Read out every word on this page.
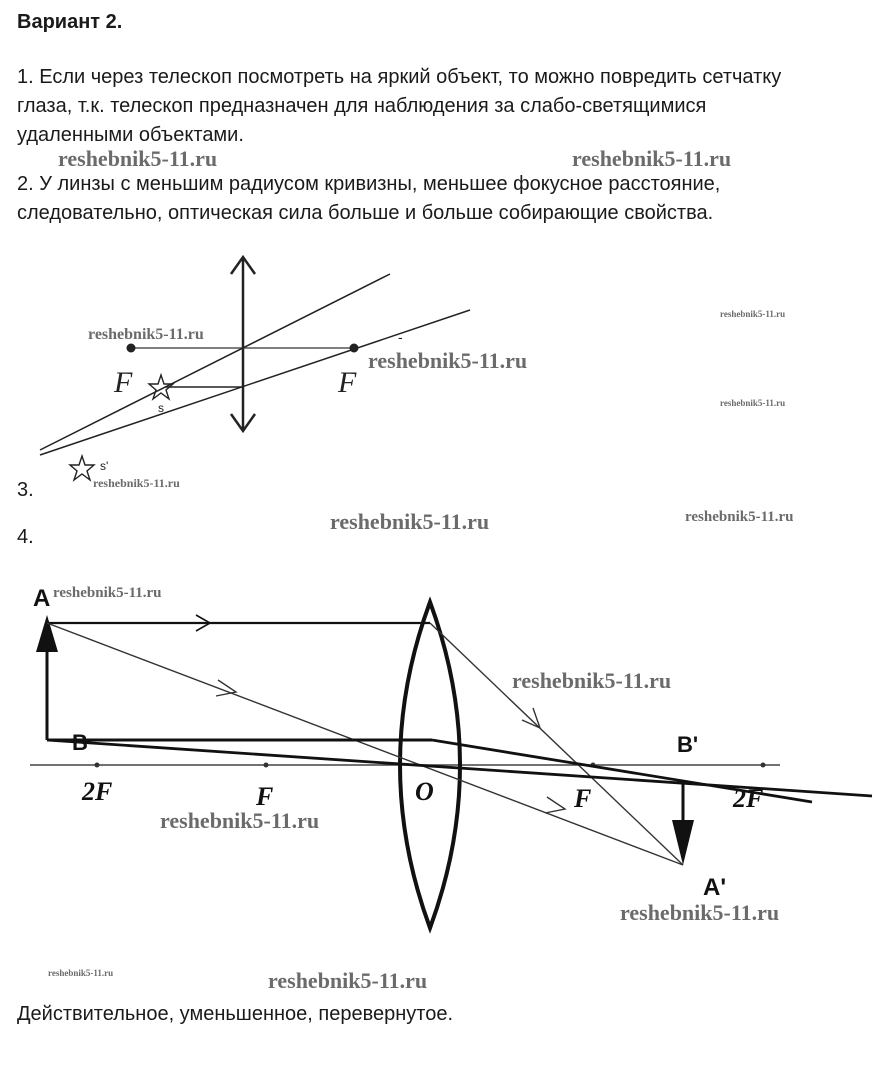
Вариант 2.
1. Если через телескоп посмотреть на яркий объект, то можно повредить сетчатку
глаза, т.к. телескоп предназначен для наблюдения за слабо-светящимися
удаленными объектами.
2. У линзы с меньшим радиусом кривизны, меньшее фокусное расстояние,
следовательно, оптическая сила больше и больше собирающие свойства.
3.
4.
Действительное, уменьшенное, перевернутое.
F	F
s
s'
-
A
B	B'
A'
O
2F	F	F	2F
reshebnik5-11.ru	reshebnik5-11.ru
reshebnik5-11.ru
reshebnik5-11.ru
reshebnik5-11.ru
reshebnik5-11.ru
reshebnik5-11.ru
reshebnik5-11.ru	reshebnik5-11.ru
reshebnik5-11.ru
reshebnik5-11.ru
reshebnik5-11.ru
reshebnik5-11.ru
reshebnik5-11.ru	reshebnik5-11.ru
